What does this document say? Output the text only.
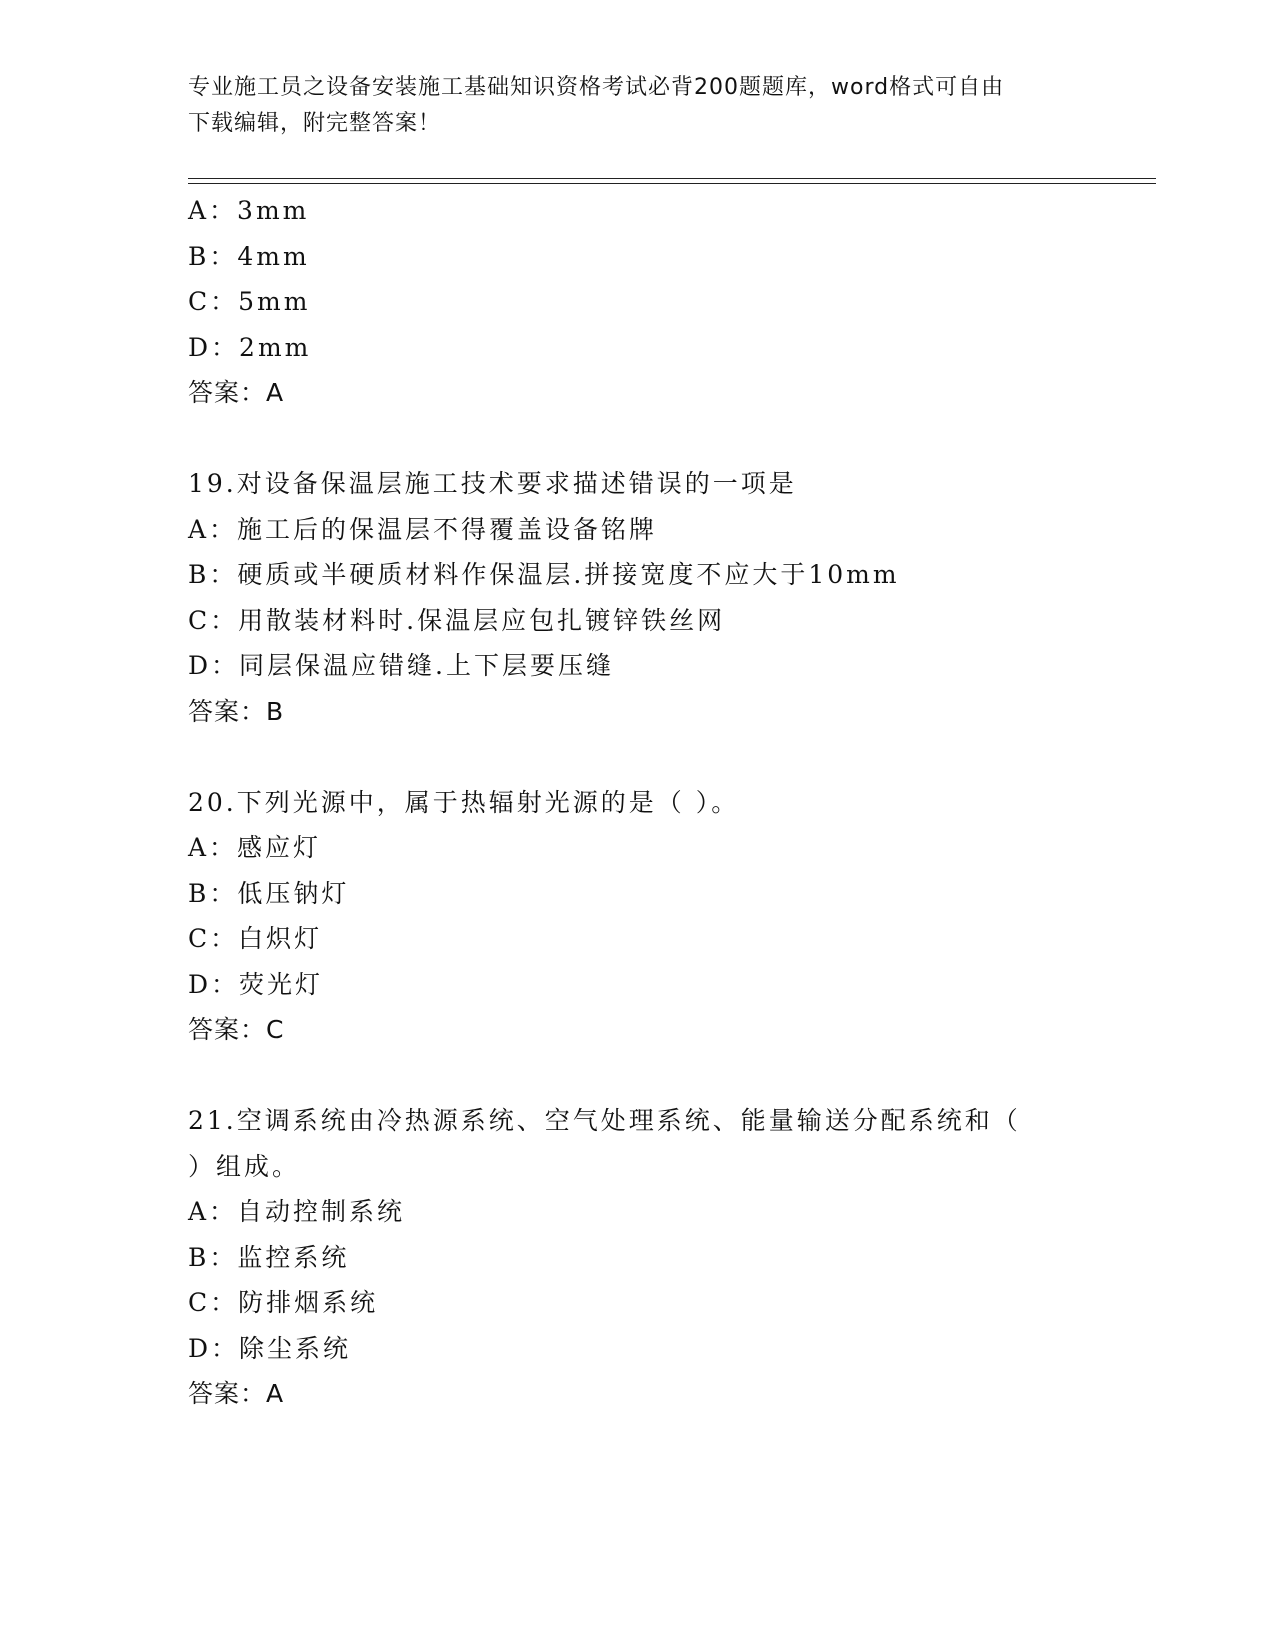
专业施工员之设备安装施工基础知识资格考试必背200题题库，word格式可自由
下载编辑，附完整答案！
A：3mm
B：4mm
C：5mm
D：2mm
答案：A
19.对设备保温层施工技术要求描述错误的一项是
A：施工后的保温层不得覆盖设备铭牌
B：硬质或半硬质材料作保温层.拼接宽度不应大于10mm
C：用散装材料时.保温层应包扎镀锌铁丝网
D：同层保温应错缝.上下层要压缝
答案：B
20.下列光源中，属于热辐射光源的是（ ）。
A：感应灯
B：低压钠灯
C：白炽灯
D：荧光灯
答案：C
21.空调系统由冷热源系统、空气处理系统、能量输送分配系统和（
）组成。
A：自动控制系统
B：监控系统
C：防排烟系统
D：除尘系统
答案：A
